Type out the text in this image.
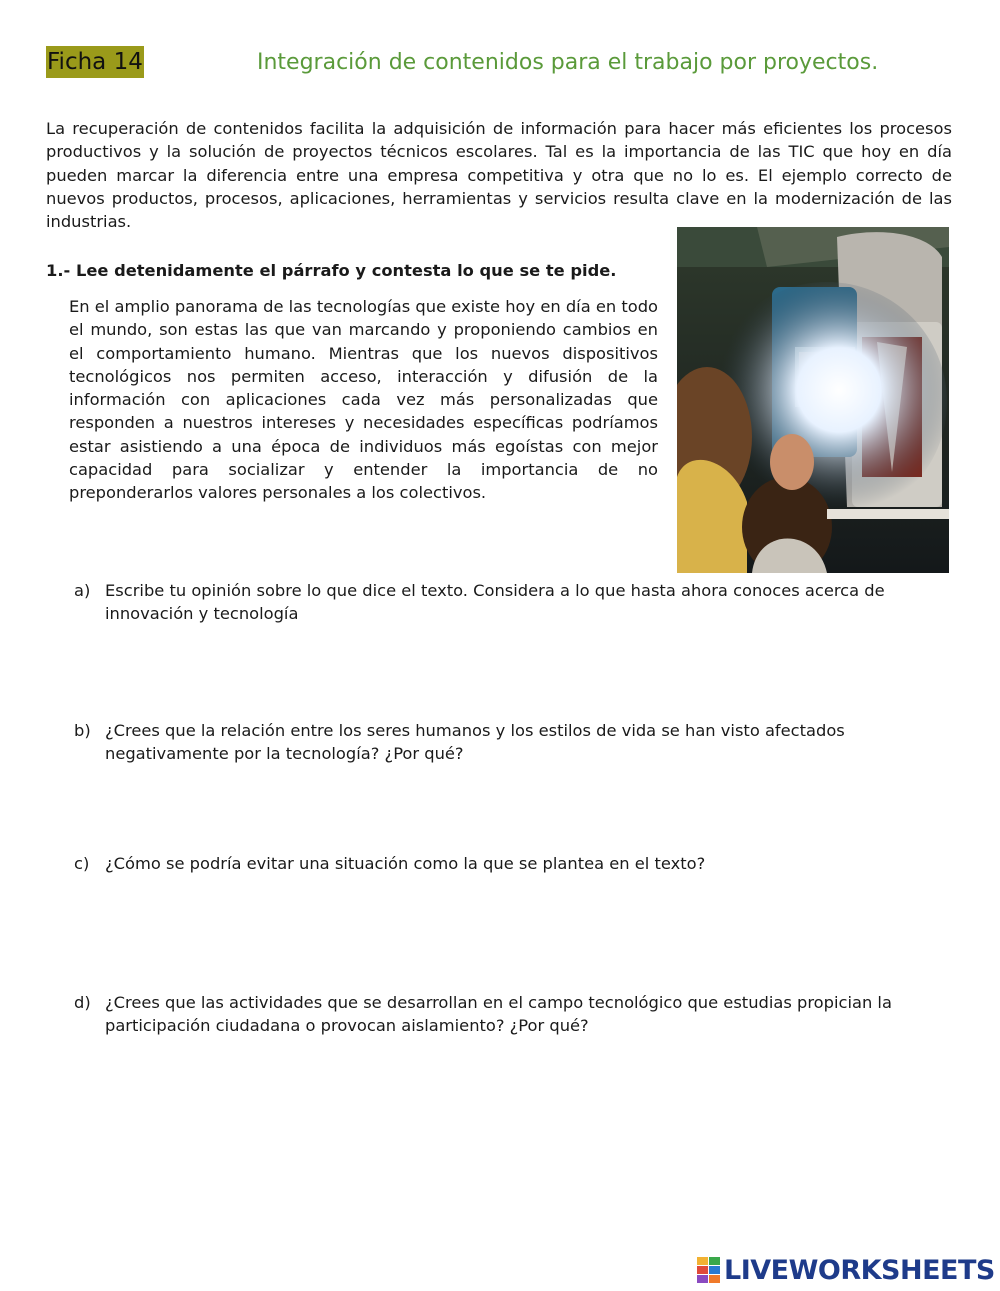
Ficha 14	Integración de contenidos para el trabajo por proyectos.

La recuperación de contenidos facilita la adquisición de información para hacer más eficientes los procesos productivos y la solución de proyectos técnicos escolares. Tal es la importancia de las TIC que hoy en día pueden marcar la diferencia entre una empresa competitiva y otra que no lo es. El ejemplo correcto de nuevos productos, procesos, aplicaciones, herramientas y servicios resulta clave en la modernización de las industrias.

1.- Lee detenidamente el párrafo y contesta lo que se te pide.

En el amplio panorama de las tecnologías que existe hoy en día en todo el mundo, son estas las que van marcando y proponiendo cambios en el comportamiento humano. Mientras que los nuevos dispositivos tecnológicos nos permiten acceso, interacción y difusión de la información con aplicaciones cada vez más personalizadas que responden a nuestros intereses y necesidades específicas podríamos estar asistiendo a una época de individuos más egoístas con mejor capacidad para socializar y entender la importancia de no preponderarlos valores personales a los colectivos.

a) Escribe tu opinión sobre lo que dice el texto. Considera a lo que hasta ahora conoces acerca de innovación y tecnología
b) ¿Crees que la relación entre los seres humanos y los estilos de vida se han visto afectados negativamente por la tecnología? ¿Por qué?
c) ¿Cómo se podría evitar una situación como la que se plantea en el texto?
d) ¿Crees que las actividades que se desarrollan en el campo tecnológico que estudias propician la participación ciudadana o provocan aislamiento? ¿Por qué?
LIVEWORKSHEETS
